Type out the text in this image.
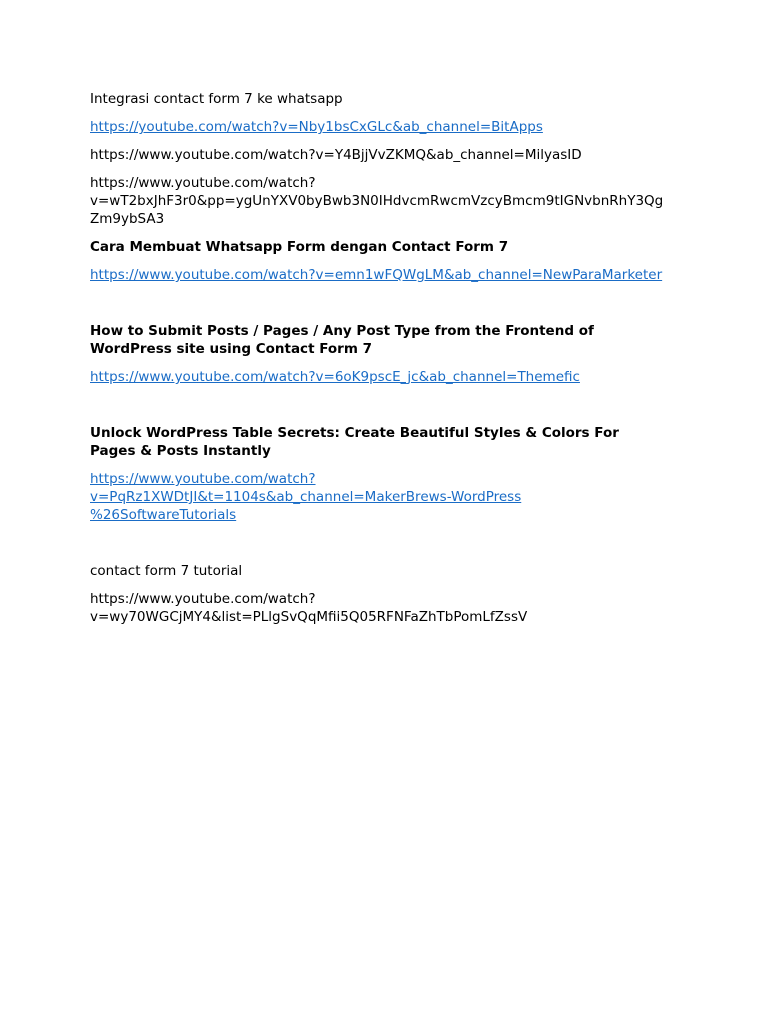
Integrasi contact form 7 ke whatsapp

https://youtube.com/watch?v=Nby1bsCxGLc&ab_channel=BitApps

https://www.youtube.com/watch?v=Y4BjjVvZKMQ&ab_channel=MilyasID

https://www.youtube.com/watch?
v=wT2bxJhF3r0&pp=ygUnYXV0byBwb3N0IHdvcmRwcmVzcyBmcm9tIGNvbnRhY3Qg
Zm9ybSA3

Cara Membuat Whatsapp Form dengan Contact Form 7

https://www.youtube.com/watch?v=emn1wFQWgLM&ab_channel=NewParaMarketer

How to Submit Posts / Pages / Any Post Type from the Frontend of
WordPress site using Contact Form 7

https://www.youtube.com/watch?v=6oK9pscE_jc&ab_channel=Themefic

Unlock WordPress Table Secrets: Create Beautiful Styles & Colors For
Pages & Posts Instantly

https://www.youtube.com/watch?
v=PqRz1XWDtJI&t=1104s&ab_channel=MakerBrews-WordPress
%26SoftwareTutorials

contact form 7 tutorial

https://www.youtube.com/watch?
v=wy70WGCjMY4&list=PLlgSvQqMfii5Q05RFNFaZhTbPomLfZssV
